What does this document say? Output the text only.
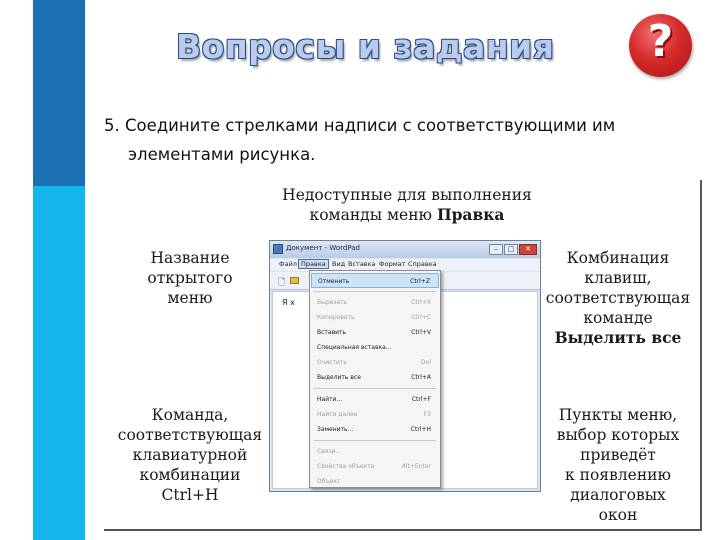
Вопросы и задания	?
5. Соедините стрелками надписи с соответствующими им
элементами рисунка.
Недоступные для выполнения
команды меню Правка
Название
открытого
меню
Команда,
соответствующая
клавиатурной
комбинации
Ctrl+H
Комбинация
клавиш,
соответствующая
команде
Выделить все
Пункты меню,
выбор которых
приведёт
к появлению
диалоговых
окон
Документ - WordPad	–	□	✕
Файл Правка Вид Вставка Формат Справка
🗋
Я х
Отменить	Ctrl+Z
Вырезать	Ctrl+X
Копировать	Ctrl+C
Вставить	Ctrl+V
Специальная вставка...
Очистить	Del
Выделить все	Ctrl+A
Найти...	Ctrl+F
Найти далее	F3
Заменить...	Ctrl+H
Связи...
Свойства объекта	Alt+Enter
Объект
